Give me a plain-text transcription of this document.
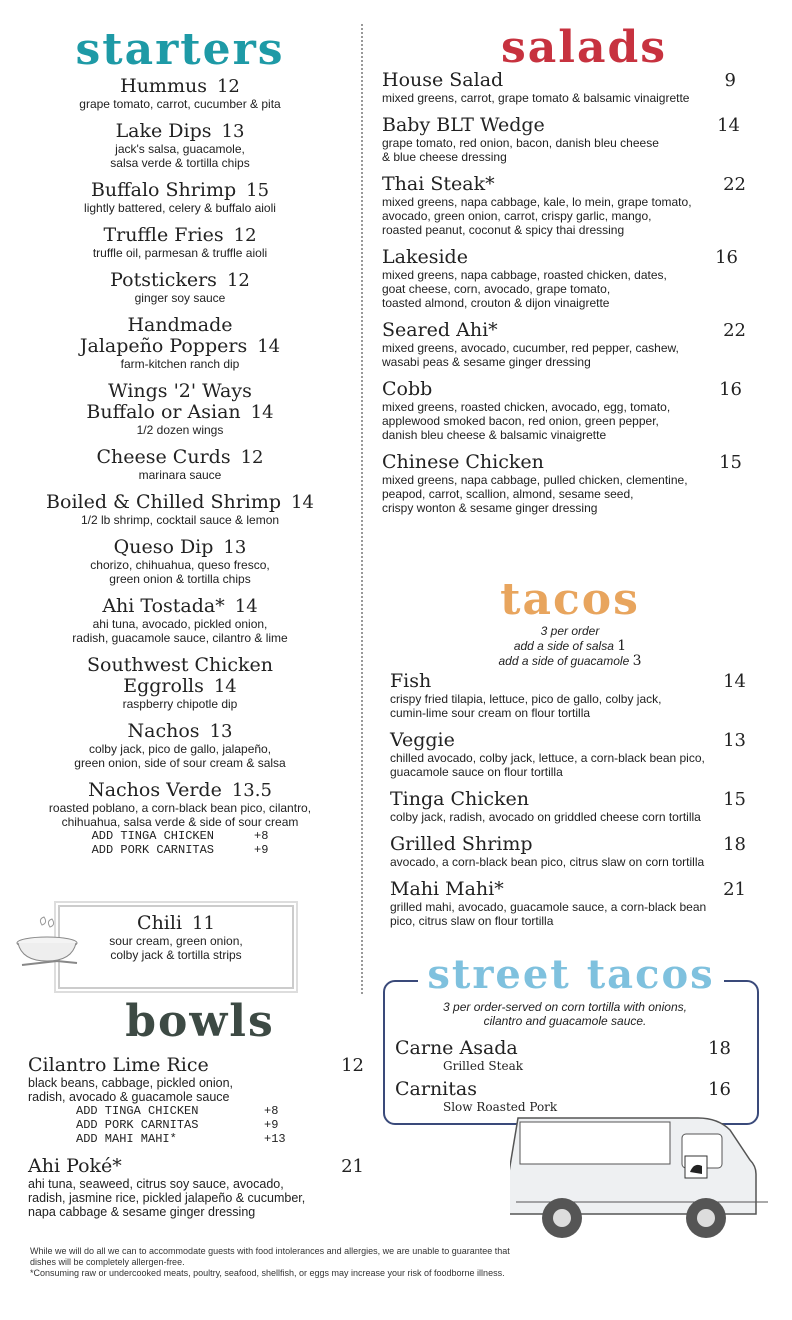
starters
Hummus 12
grape tomato, carrot, cucumber & pita
Lake Dips 13
jack's salsa, guacamole,
salsa verde & tortilla chips
Buffalo Shrimp 15
lightly battered, celery & buffalo aioli
Truffle Fries 12
truffle oil, parmesan & truffle aioli
Potstickers 12
ginger soy sauce
Handmade
Jalapeño Poppers 14
farm-kitchen ranch dip
Wings '2' Ways
Buffalo or Asian 14
1/2 dozen wings
Cheese Curds 12
marinara sauce
Boiled & Chilled Shrimp 14
1/2 lb shrimp, cocktail sauce & lemon
Queso Dip 13
chorizo, chihuahua, queso fresco,
green onion & tortilla chips
Ahi Tostada* 14
ahi tuna, avocado, pickled onion,
radish, guacamole sauce, cilantro & lime
Southwest Chicken
Eggrolls 14
raspberry chipotle dip
Nachos 13
colby jack, pico de gallo, jalapeño,
green onion, side of sour cream & salsa
Nachos Verde 13.5
roasted poblano, a corn-black bean pico, cilantro,
chihuahua, salsa verde & side of sour cream
ADD TINGA CHICKEN	+8
ADD PORK CARNITAS	+9
Chili 11
sour cream, green onion,
colby jack & tortilla strips
bowls
Cilantro Lime Rice	12
black beans, cabbage, pickled onion,
radish, avocado & guacamole sauce
ADD TINGA CHICKEN	+8
ADD PORK CARNITAS	+9
ADD MAHI MAHI*	+13
Ahi Poké*	21
ahi tuna, seaweed, citrus soy sauce, avocado,
radish, jasmine rice, pickled jalapeño & cucumber,
napa cabbage & sesame ginger dressing
salads
House Salad	9
mixed greens, carrot, grape tomato & balsamic vinaigrette
Baby BLT Wedge	14
grape tomato, red onion, bacon, danish bleu cheese
& blue cheese dressing
Thai Steak*	22
mixed greens, napa cabbage, kale, lo mein, grape tomato,
avocado, green onion, carrot, crispy garlic, mango,
roasted peanut, coconut & spicy thai dressing
Lakeside	16
mixed greens, napa cabbage, roasted chicken, dates,
goat cheese, corn, avocado, grape tomato,
toasted almond, crouton & dijon vinaigrette
Seared Ahi*	22
mixed greens, avocado, cucumber, red pepper, cashew,
wasabi peas & sesame ginger dressing
Cobb	16
mixed greens, roasted chicken, avocado, egg, tomato,
applewood smoked bacon, red onion, green pepper,
danish bleu cheese & balsamic vinaigrette
Chinese Chicken	15
mixed greens, napa cabbage, pulled chicken, clementine,
peapod, carrot, scallion, almond, sesame seed,
crispy wonton & sesame ginger dressing
tacos
3 per order
add a side of salsa 1
add a side of guacamole 3
Fish	14
crispy fried tilapia, lettuce, pico de gallo, colby jack,
cumin-lime sour cream on flour tortilla
Veggie	13
chilled avocado, colby jack, lettuce, a corn-black bean pico,
guacamole sauce on flour tortilla
Tinga Chicken	15
colby jack, radish, avocado on griddled cheese corn tortilla
Grilled Shrimp	18
avocado, a corn-black bean pico, citrus slaw on corn tortilla
Mahi Mahi*	21
grilled mahi, avocado, guacamole sauce, a corn-black bean
pico, citrus slaw on flour tortilla
street tacos
3 per order-served on corn tortilla with onions,
cilantro and guacamole sauce.
Carne Asada	18
Grilled Steak
Carnitas	16
Slow Roasted Pork
While we will do all we can to accommodate guests with food intolerances and allergies, we are unable to guarantee that
dishes will be completely allergen-free.
*Consuming raw or undercooked meats, poultry, seafood, shellfish, or eggs may increase your risk of foodborne illness.
